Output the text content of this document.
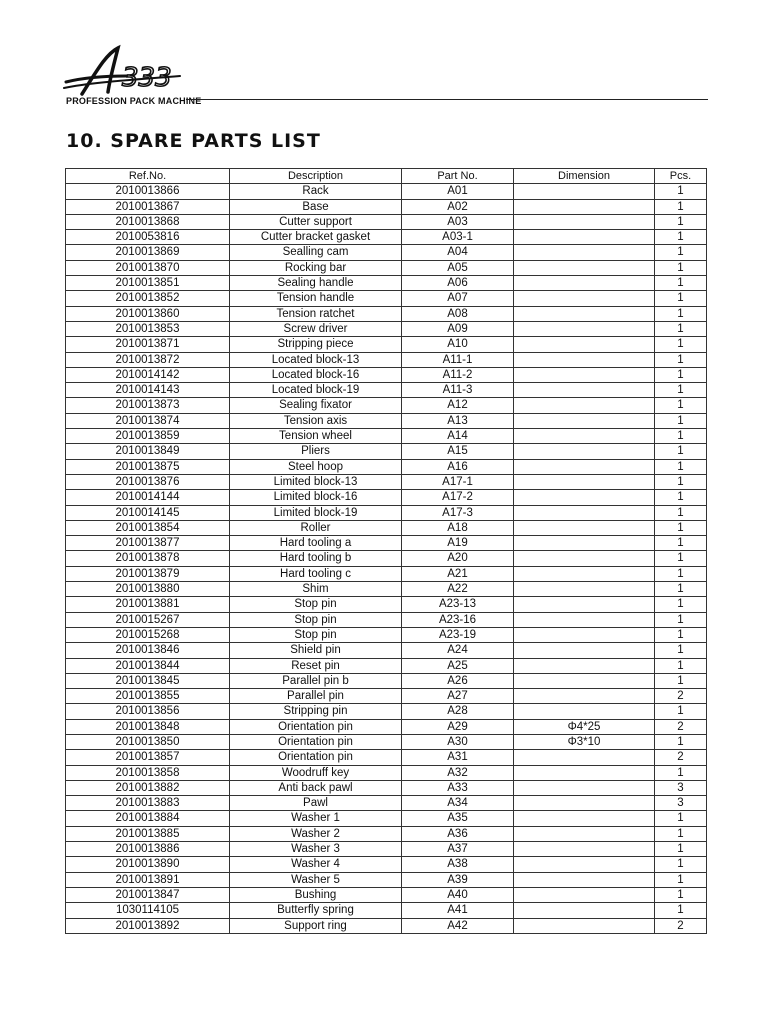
333
PROFESSION PACK MACHINE
10. SPARE PARTS LIST
Ref.No.	Description	Part No.	Dimension	Pcs.
2010013866	Rack	A01		1
2010013867	Base	A02		1
2010013868	Cutter support	A03		1
2010053816	Cutter bracket gasket	A03-1		1
2010013869	Sealling cam	A04		1
2010013870	Rocking bar	A05		1
2010013851	Sealing handle	A06		1
2010013852	Tension handle	A07		1
2010013860	Tension ratchet	A08		1
2010013853	Screw driver	A09		1
2010013871	Stripping piece	A10		1
2010013872	Located block-13	A11-1		1
2010014142	Located block-16	A11-2		1
2010014143	Located block-19	A11-3		1
2010013873	Sealing fixator	A12		1
2010013874	Tension axis	A13		1
2010013859	Tension wheel	A14		1
2010013849	Pliers	A15		1
2010013875	Steel hoop	A16		1
2010013876	Limited block-13	A17-1		1
2010014144	Limited block-16	A17-2		1
2010014145	Limited block-19	A17-3		1
2010013854	Roller	A18		1
2010013877	Hard tooling a	A19		1
2010013878	Hard tooling b	A20		1
2010013879	Hard tooling c	A21		1
2010013880	Shim	A22		1
2010013881	Stop pin	A23-13		1
2010015267	Stop pin	A23-16		1
2010015268	Stop pin	A23-19		1
2010013846	Shield pin	A24		1
2010013844	Reset pin	A25		1
2010013845	Parallel pin b	A26		1
2010013855	Parallel pin	A27		2
2010013856	Stripping pin	A28		1
2010013848	Orientation pin	A29	Φ4*25	2
2010013850	Orientation pin	A30	Φ3*10	1
2010013857	Orientation pin	A31		2
2010013858	Woodruff key	A32		1
2010013882	Anti back pawl	A33		3
2010013883	Pawl	A34		3
2010013884	Washer 1	A35		1
2010013885	Washer 2	A36		1
2010013886	Washer 3	A37		1
2010013890	Washer 4	A38		1
2010013891	Washer 5	A39		1
2010013847	Bushing	A40		1
1030114105	Butterfly spring	A41		1
2010013892	Support ring	A42		2
